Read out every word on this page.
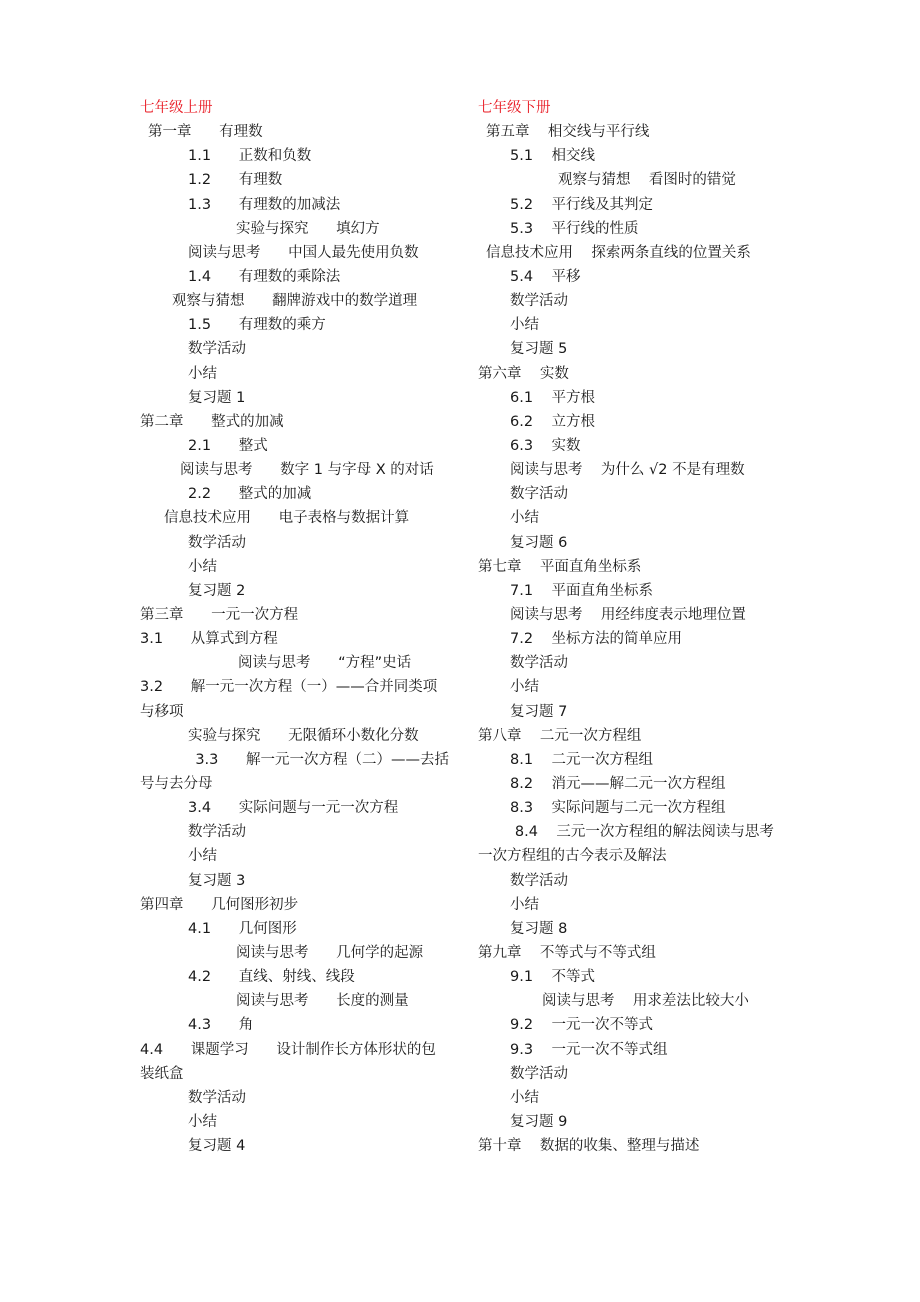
七年级上册
第一章      有理数
1.1      正数和负数
1.2      有理数
1.3      有理数的加减法
实验与探究      填幻方
阅读与思考      中国人最先使用负数
1.4      有理数的乘除法
观察与猜想      翻牌游戏中的数学道理
1.5      有理数的乘方
数学活动
小结
复习题 1
第二章      整式的加减
2.1      整式
阅读与思考      数字 1 与字母 X 的对话
2.2      整式的加减
信息技术应用      电子表格与数据计算
数学活动
小结
复习题 2
第三章      一元一次方程
3.1      从算式到方程
阅读与思考      “方程”史话
3.2      解一元一次方程（一）——合并同类项与移项
实验与探究      无限循环小数化分数
3.3      解一元一次方程（二）——去括号与去分母
3.4      实际问题与一元一次方程
数学活动
小结
复习题 3
第四章      几何图形初步
4.1      几何图形
阅读与思考      几何学的起源
4.2      直线、射线、线段
阅读与思考      长度的测量
4.3      角
4.4      课题学习      设计制作长方体形状的包装纸盒
数学活动
小结
复习题 4
七年级下册
第五章    相交线与平行线
5.1    相交线
观察与猜想    看图时的错觉
5.2    平行线及其判定
5.3    平行线的性质
信息技术应用    探索两条直线的位置关系
5.4    平移
数学活动
小结
复习题 5
第六章    实数
6.1    平方根
6.2    立方根
6.3    实数
阅读与思考    为什么 √2 不是有理数
数字活动
小结
复习题 6
第七章    平面直角坐标系
7.1    平面直角坐标系
阅读与思考    用经纬度表示地理位置
7.2    坐标方法的简单应用
数学活动
小结
复习题 7
第八章    二元一次方程组
8.1    二元一次方程组
8.2    消元——解二元一次方程组
8.3    实际问题与二元一次方程组
8.4    三元一次方程组的解法阅读与思考    一次方程组的古今表示及解法
数学活动
小结
复习题 8
第九章    不等式与不等式组
9.1    不等式
阅读与思考    用求差法比较大小
9.2    一元一次不等式
9.3    一元一次不等式组
数学活动
小结
复习题 9
第十章    数据的收集、整理与描述
